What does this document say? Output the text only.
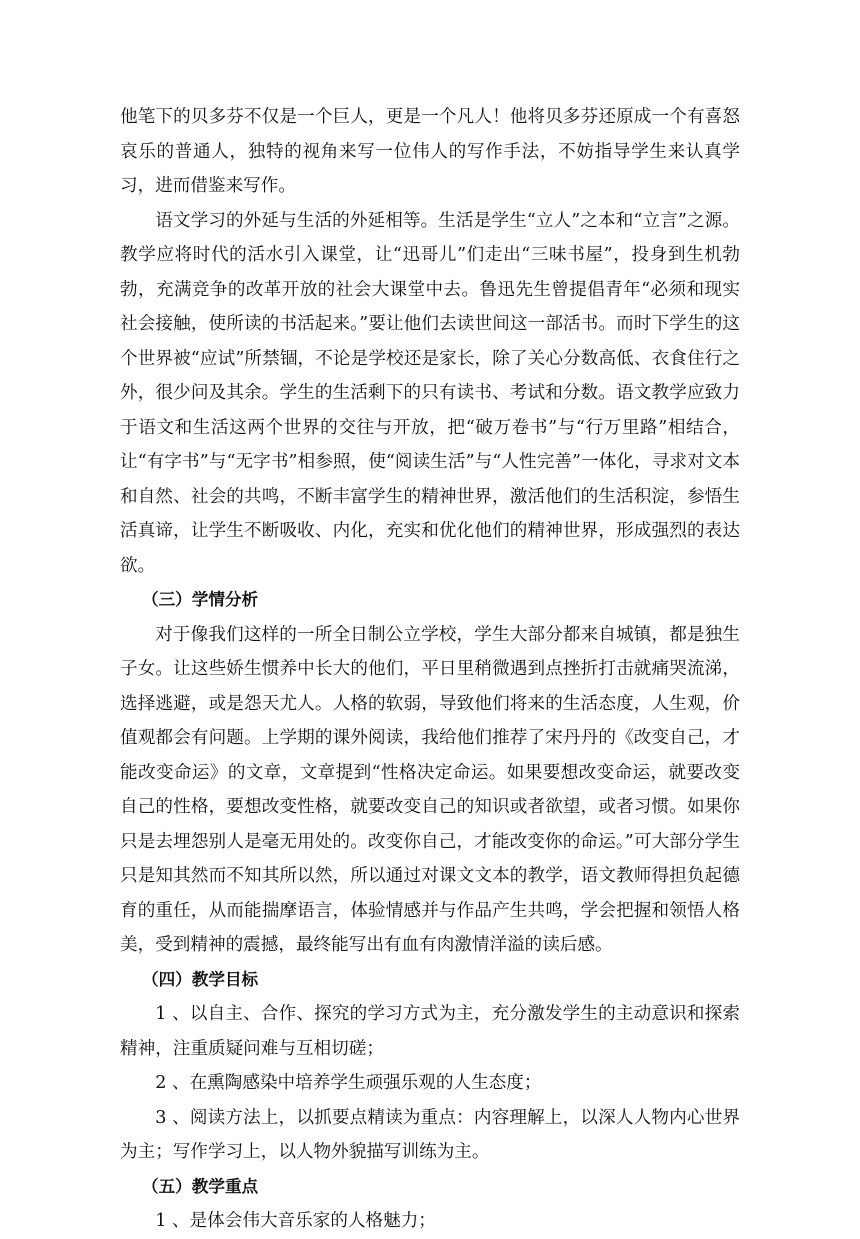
他笔下的贝多芬不仅是一个巨人，更是一个凡人！他将贝多芬还原成一个有喜怒哀乐的普通人，独特的视角来写一位伟人的写作手法，不妨指导学生来认真学习，进而借鉴来写作。

语文学习的外延与生活的外延相等。生活是学生“立人”之本和“立言”之源。教学应将时代的活水引入课堂，让“迅哥儿”们走出“三味书屋”，投身到生机勃勃，充满竞争的改革开放的社会大课堂中去。鲁迅先生曾提倡青年“必须和现实社会接触，使所读的书活起来。”要让他们去读世间这一部活书。而时下学生的这个世界被“应试”所禁锢，不论是学校还是家长，除了关心分数高低、衣食住行之外，很少问及其余。学生的生活剩下的只有读书、考试和分数。语文教学应致力于语文和生活这两个世界的交往与开放，把“破万卷书”与“行万里路”相结合，让“有字书”与“无字书”相参照，使“阅读生活”与“人性完善”一体化，寻求对文本和自然、社会的共鸣，不断丰富学生的精神世界，激活他们的生活积淀，参悟生活真谛，让学生不断吸收、内化，充实和优化他们的精神世界，形成强烈的表达欲。

（三）学情分析

对于像我们这样的一所全日制公立学校，学生大部分都来自城镇，都是独生子女。让这些娇生惯养中长大的他们，平日里稍微遇到点挫折打击就痛哭流涕，选择逃避，或是怨天尤人。人格的软弱，导致他们将来的生活态度，人生观，价值观都会有问题。上学期的课外阅读，我给他们推荐了宋丹丹的《改变自己，才能改变命运》的文章，文章提到“性格决定命运。如果要想改变命运，就要改变自己的性格，要想改变性格，就要改变自己的知识或者欲望，或者习惯。如果你只是去埋怨别人是毫无用处的。改变你自己，才能改变你的命运。”可大部分学生只是知其然而不知其所以然，所以通过对课文文本的教学，语文教师得担负起德育的重任，从而能揣摩语言，体验情感并与作品产生共鸣，学会把握和领悟人格美，受到精神的震撼，最终能写出有血有肉激情洋溢的读后感。

（四）教学目标

1 、以自主、合作、探究的学习方式为主，充分激发学生的主动意识和探索精神，注重质疑问难与互相切磋；

2 、在熏陶感染中培养学生顽强乐观的人生态度；

3 、阅读方法上，以抓要点精读为重点：内容理解上，以深人人物内心世界为主；写作学习上，以人物外貌描写训练为主。

（五）教学重点

1 、是体会伟大音乐家的人格魅力；
